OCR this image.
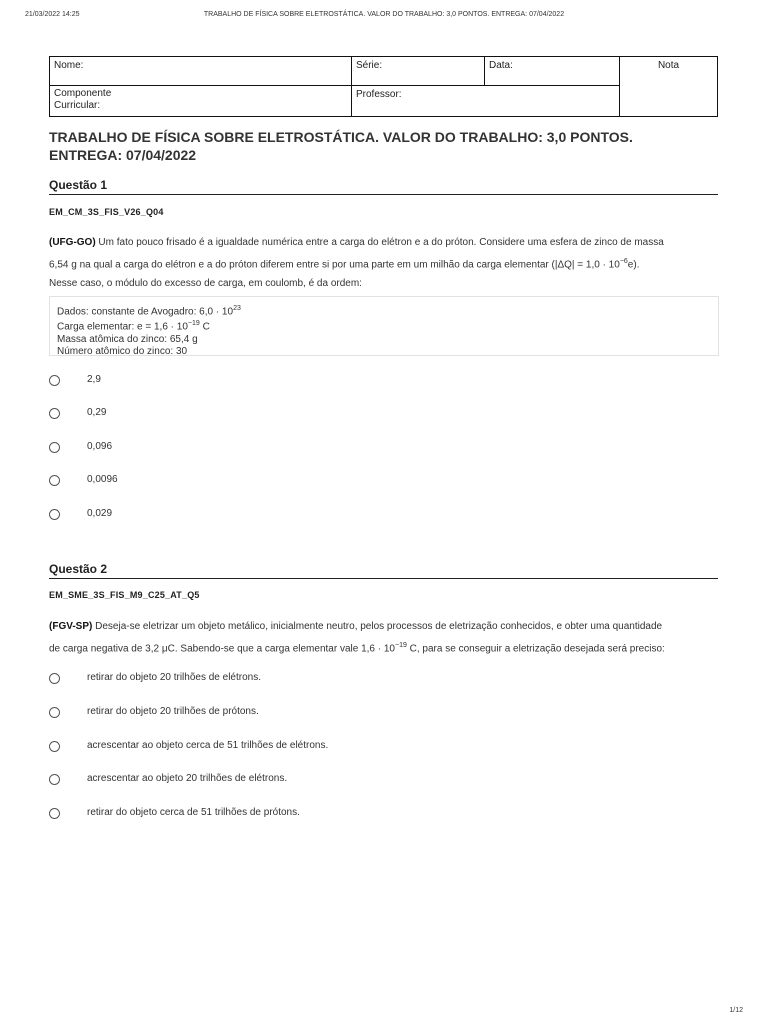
21/03/2022 14:25	TRABALHO DE FÍSICA SOBRE ELETROSTÁTICA. VALOR DO TRABALHO: 3,0 PONTOS. ENTREGA: 07/04/2022
Nome:	Série:	Data:	Nota
Componente
Curricular:
Professor:
TRABALHO DE FÍSICA SOBRE ELETROSTÁTICA. VALOR DO TRABALHO: 3,0 PONTOS.
ENTREGA: 07/04/2022
Questão 1
EM_CM_3S_FIS_V26_Q04
(UFG-GO) Um fato pouco frisado é a igualdade numérica entre a carga do elétron e a do próton. Considere uma esfera de zinco de massa
6,54 g na qual a carga do elétron e a do próton diferem entre si por uma parte em um milhão da carga elementar $(|\Delta Q| = 1,0 \cdot 10^{-6}e)$.
Nesse caso, o módulo do excesso de carga, em coulomb, é da ordem:
Dados: constante de Avogadro: $6,0 \cdot 10^{23}$
Carga elementar: $e = 1,6 \cdot 10^{-19}$ C
Massa atômica do zinco: 65,4 g
Número atômico do zinco: 30
2,9
0,29
0,096
0,0096
0,029
Questão 2
EM_SME_3S_FIS_M9_C25_AT_Q5
(FGV-SP) Deseja-se eletrizar um objeto metálico, inicialmente neutro, pelos processos de eletrização conhecidos, e obter uma quantidade
de carga negativa de 3,2 μC. Sabendo-se que a carga elementar vale $1,6 \cdot 10^{-19}$ C, para se conseguir a eletrização desejada será preciso:
retirar do objeto 20 trilhões de elétrons.
retirar do objeto 20 trilhões de prótons.
acrescentar ao objeto cerca de 51 trilhões de elétrons.
acrescentar ao objeto 20 trilhões de elétrons.
retirar do objeto cerca de 51 trilhões de prótons.
1/12
